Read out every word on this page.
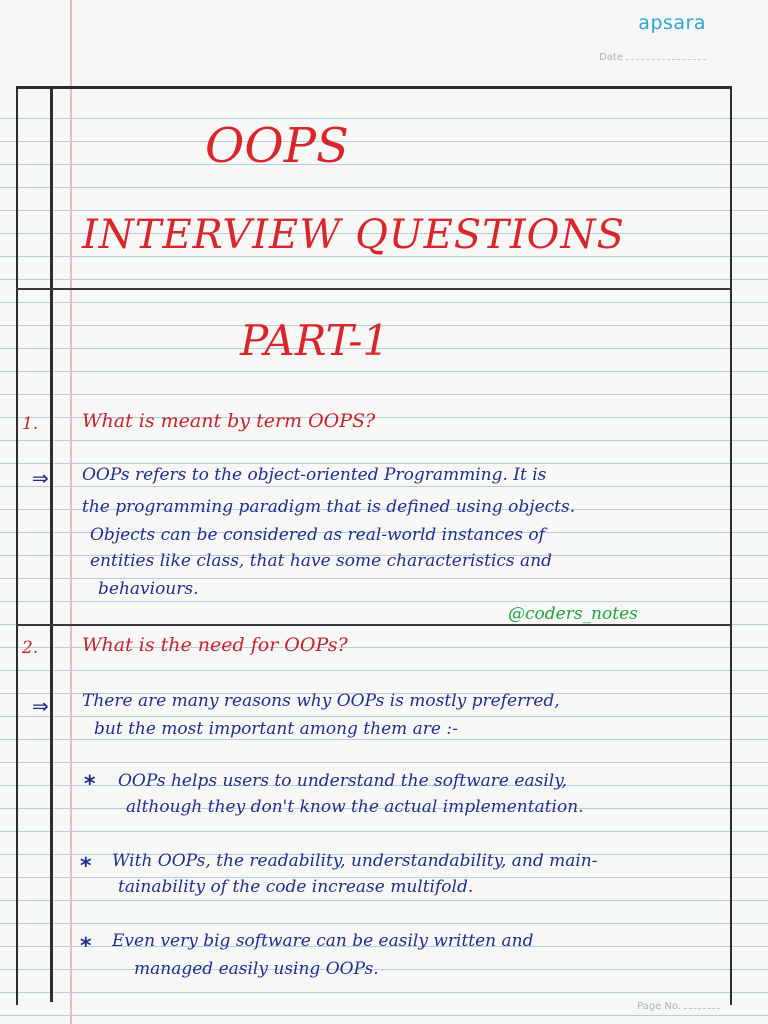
apsara
Date
OOPS
INTERVIEW QUESTIONS
PART-1
1. What is meant by term OOPS?
⇒ OOPs refers to the object-oriented Programming. It is
the programming paradigm that is defined using objects.
Objects can be considered as real-world instances of
entities like class, that have some characteristics and
behaviours.
@coders_notes
2. What is the need for OOPs?
⇒ There are many reasons why OOPs is mostly preferred,
but the most important among them are :-
* OOPs helps users to understand the software easily,
although they don't know the actual implementation.
* With OOPs, the readability, understandability, and main-
tainability of the code increase multifold.
* Even very big software can be easily written and
managed easily using OOPs.
Page No.
